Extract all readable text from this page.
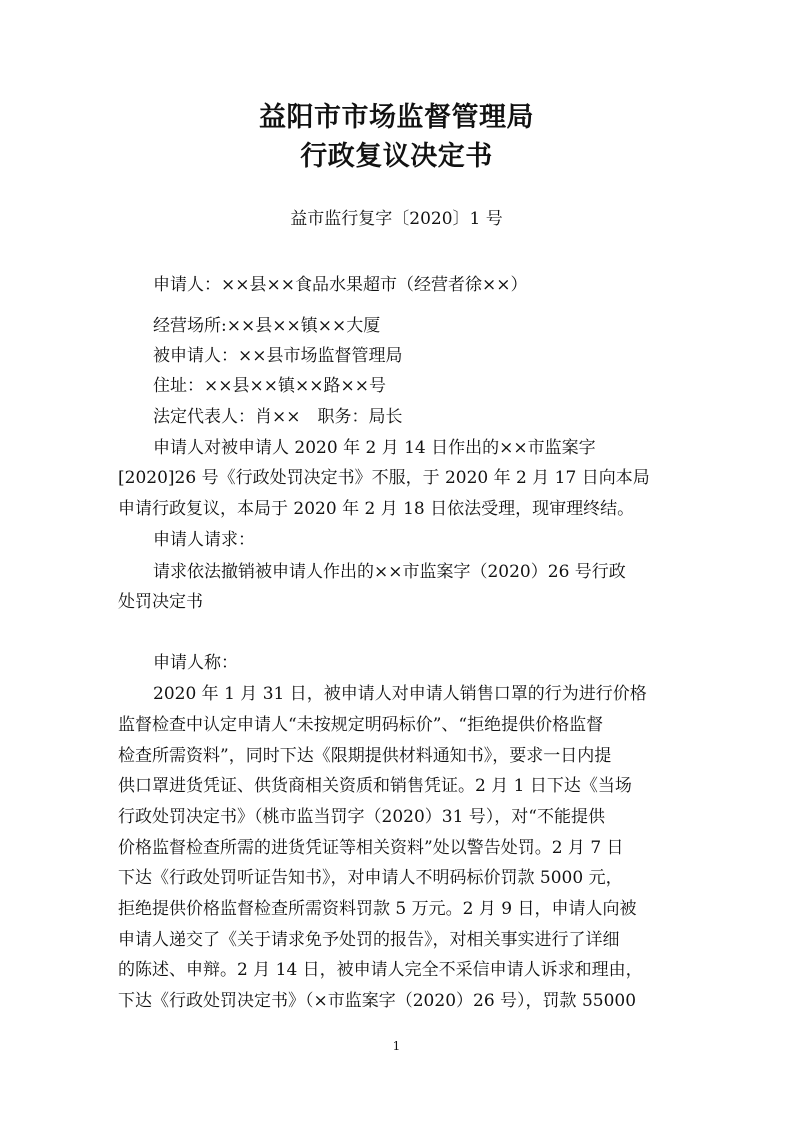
益阳市市场监督管理局
行政复议决定书
益市监行复字〔2020〕1 号
申请人：××县××食品水果超市（经营者徐××）
经营场所:××县××镇××大厦
被申请人：××县市场监督管理局
住址：××县××镇××路××号
法定代表人：肖××　职务：局长
申请人对被申请人 2020 年 2 月 14 日作出的××市监案字
[2020]26 号《行政处罚决定书》不服，于 2020 年 2 月 17 日向本局
申请行政复议，本局于 2020 年 2 月 18 日依法受理，现审理终结。
申请人请求：
请求依法撤销被申请人作出的××市监案字（2020）26 号行政
处罚决定书
申请人称：
2020 年 1 月 31 日，被申请人对申请人销售口罩的行为进行价格
监督检查中认定申请人“未按规定明码标价”、“拒绝提供价格监督
检查所需资料”，同时下达《限期提供材料通知书》，要求一日内提
供口罩进货凭证、供货商相关资质和销售凭证。2 月 1 日下达《当场
行政处罚决定书》（桃市监当罚字（2020）31 号），对“不能提供
价格监督检查所需的进货凭证等相关资料”处以警告处罚。2 月 7 日
下达《行政处罚听证告知书》，对申请人不明码标价罚款 5000 元，
拒绝提供价格监督检查所需资料罚款 5 万元。2 月 9 日，申请人向被
申请人递交了《关于请求免予处罚的报告》，对相关事实进行了详细
的陈述、申辩。2 月 14 日，被申请人完全不采信申请人诉求和理由，
下达《行政处罚决定书》（×市监案字（2020）26 号），罚款 55000
1
